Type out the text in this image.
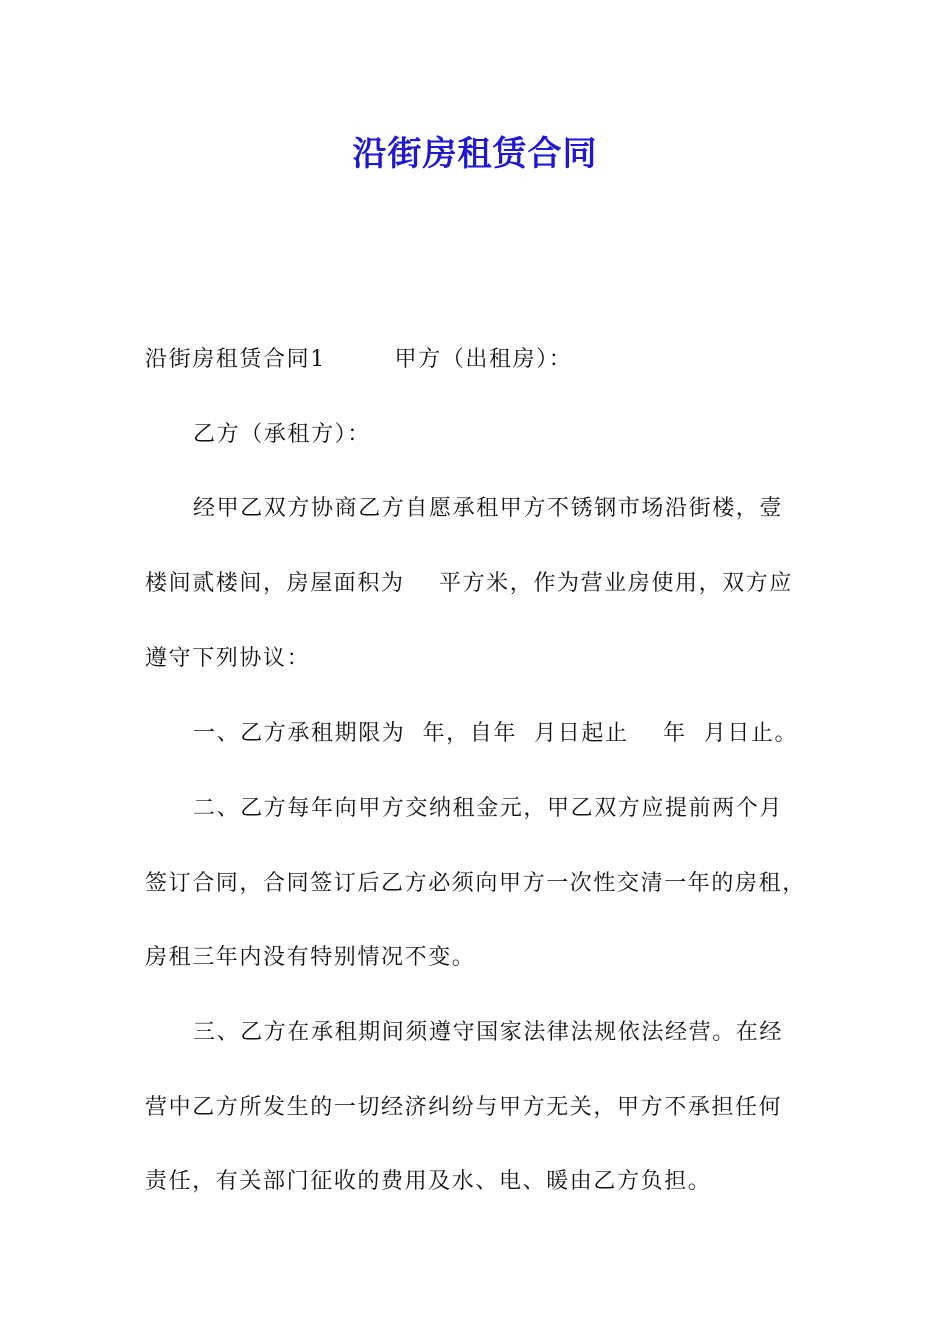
沿街房租赁合同

沿街房租赁合同1        甲方（出租房）：

乙方（承租方）：

经甲乙双方协商乙方自愿承租甲方不锈钢市场沿街楼，壹

楼间贰楼间，房屋面积为    平方米，作为营业房使用，双方应

遵守下列协议：

一、乙方承租期限为  年，自年  月日起止    年  月日止。

二、乙方每年向甲方交纳租金元，甲乙双方应提前两个月

签订合同，合同签订后乙方必须向甲方一次性交清一年的房租，

房租三年内没有特别情况不变。

三、乙方在承租期间须遵守国家法律法规依法经营。在经

营中乙方所发生的一切经济纠纷与甲方无关，甲方不承担任何

责任，有关部门征收的费用及水、电、暖由乙方负担。
